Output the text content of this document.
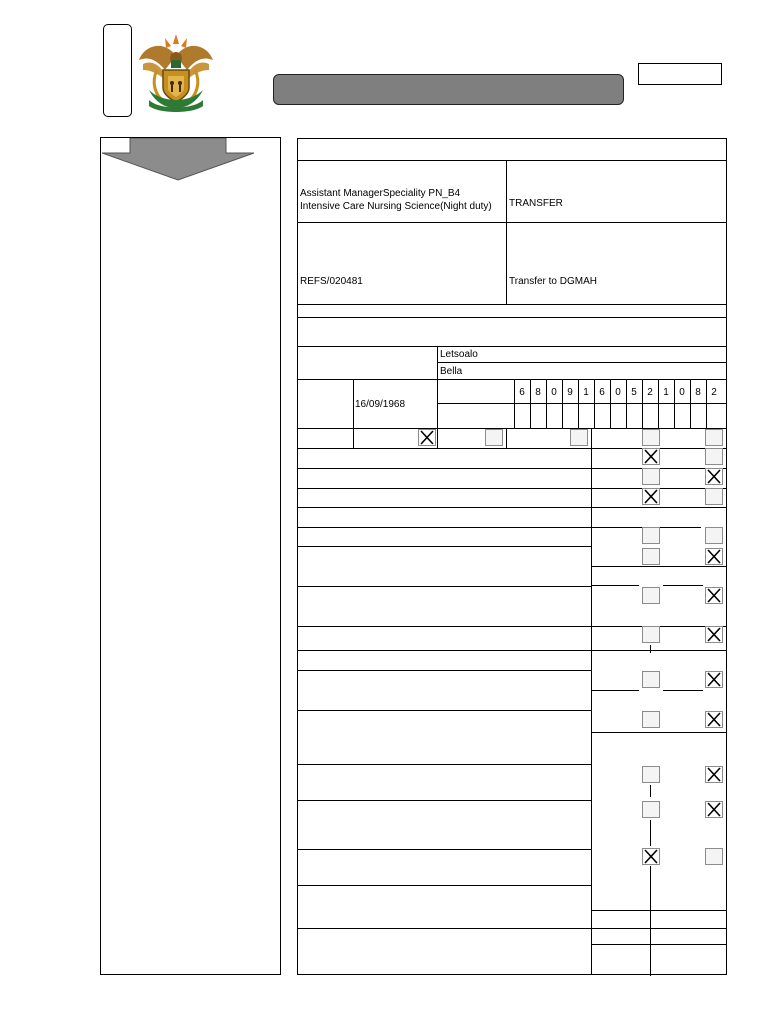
Assistant ManagerSpeciality PN_B4
Intensive Care Nursing Science(Night duty)	TRANSFER
REFS/020481	Transfer to DGMAH
Letsoalo
Bella
16/09/1968
6	8	0	9	1	6	0	5	2	1	0	8	2
